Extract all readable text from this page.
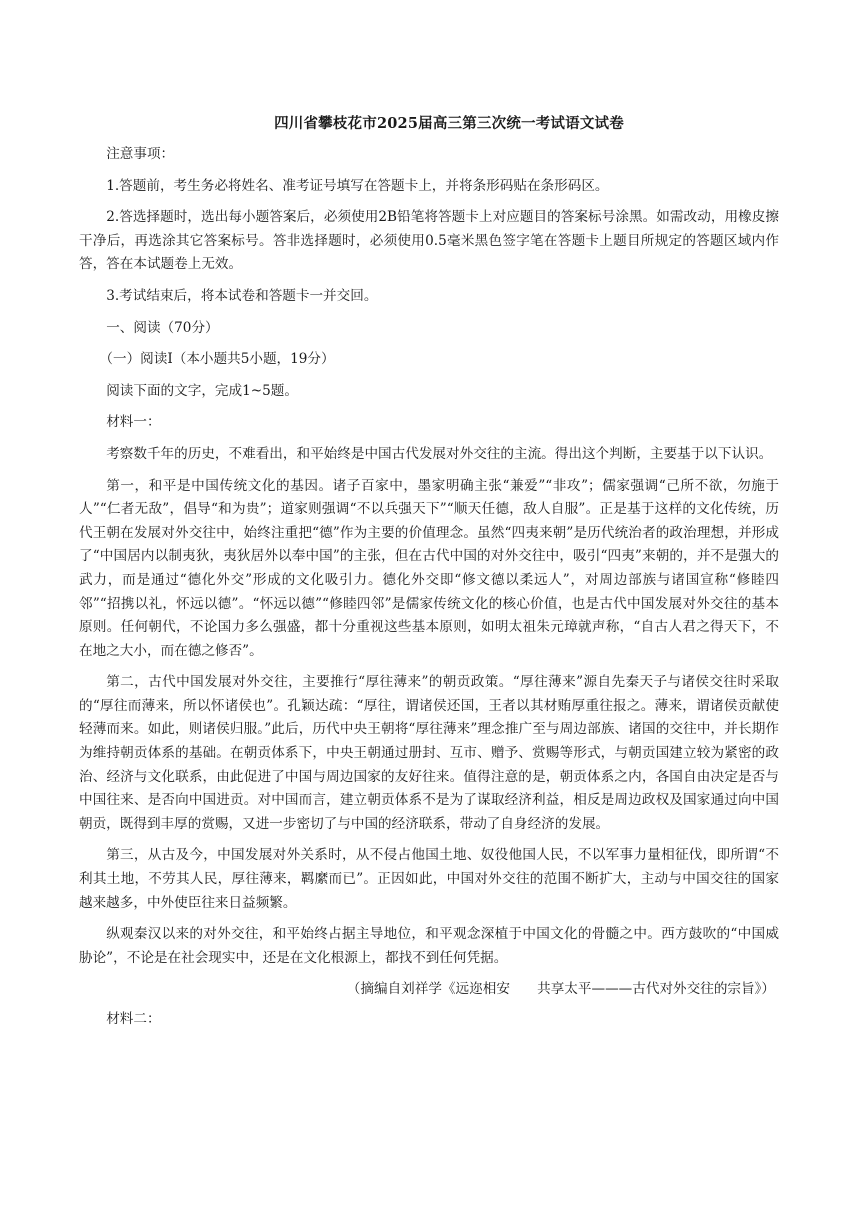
四川省攀枝花市2025届高三第三次统一考试语文试卷

注意事项：

1.答题前，考生务必将姓名、准考证号填写在答题卡上，并将条形码贴在条形码区。

2.答选择题时，选出每小题答案后，必须使用2B铅笔将答题卡上对应题目的答案标号涂黑。如需改动，用橡皮擦干净后，再选涂其它答案标号。答非选择题时，必须使用0.5毫米黑色签字笔在答题卡上题目所规定的答题区域内作答，答在本试题卷上无效。

3.考试结束后，将本试卷和答题卡一并交回。

一、阅读（70分）

（一）阅读Ⅰ（本小题共5小题，19分）

阅读下面的文字，完成1~5题。

材料一：

考察数千年的历史，不难看出，和平始终是中国古代发展对外交往的主流。得出这个判断，主要基于以下认识。

第一，和平是中国传统文化的基因。诸子百家中，墨家明确主张“兼爱”“非攻”；儒家强调“己所不欲，勿施于人”“仁者无敌”，倡导“和为贵”；道家则强调“不以兵强天下”“顺天任德，敌人自服”。正是基于这样的文化传统，历代王朝在发展对外交往中，始终注重把“德”作为主要的价值理念。虽然“四夷来朝”是历代统治者的政治理想，并形成了“中国居内以制夷狄，夷狄居外以奉中国”的主张，但在古代中国的对外交往中，吸引“四夷”来朝的，并不是强大的武力，而是通过“德化外交”形成的文化吸引力。德化外交即“修文德以柔远人”，对周边部族与诸国宣称“修睦四邻”“招携以礼，怀远以德”。“怀远以德”“修睦四邻”是儒家传统文化的核心价值，也是古代中国发展对外交往的基本原则。任何朝代，不论国力多么强盛，都十分重视这些基本原则，如明太祖朱元璋就声称，“自古人君之得天下，不在地之大小，而在德之修否”。

第二，古代中国发展对外交往，主要推行“厚往薄来”的朝贡政策。“厚往薄来”源自先秦天子与诸侯交往时采取的“厚往而薄来，所以怀诸侯也”。孔颖达疏：“厚往，谓诸侯还国，王者以其材贿厚重往报之。薄来，谓诸侯贡献使轻薄而来。如此，则诸侯归服。”此后，历代中央王朝将“厚往薄来”理念推广至与周边部族、诸国的交往中，并长期作为维持朝贡体系的基础。在朝贡体系下，中央王朝通过册封、互市、赠予、赏赐等形式，与朝贡国建立较为紧密的政治、经济与文化联系，由此促进了中国与周边国家的友好往来。值得注意的是，朝贡体系之内，各国自由决定是否与中国往来、是否向中国进贡。对中国而言，建立朝贡体系不是为了谋取经济利益，相反是周边政权及国家通过向中国朝贡，既得到丰厚的赏赐，又进一步密切了与中国的经济联系，带动了自身经济的发展。

第三，从古及今，中国发展对外关系时，从不侵占他国土地、奴役他国人民，不以军事力量相征伐，即所谓“不利其土地，不劳其人民，厚往薄来，羁縻而已”。正因如此，中国对外交往的范围不断扩大，主动与中国交往的国家越来越多，中外使臣往来日益频繁。

纵观秦汉以来的对外交往，和平始终占据主导地位，和平观念深植于中国文化的骨髓之中。西方鼓吹的“中国威胁论”，不论是在社会现实中，还是在文化根源上，都找不到任何凭据。

（摘编自刘祥学《远迩相安　　共享太平———古代对外交往的宗旨》）

材料二：
